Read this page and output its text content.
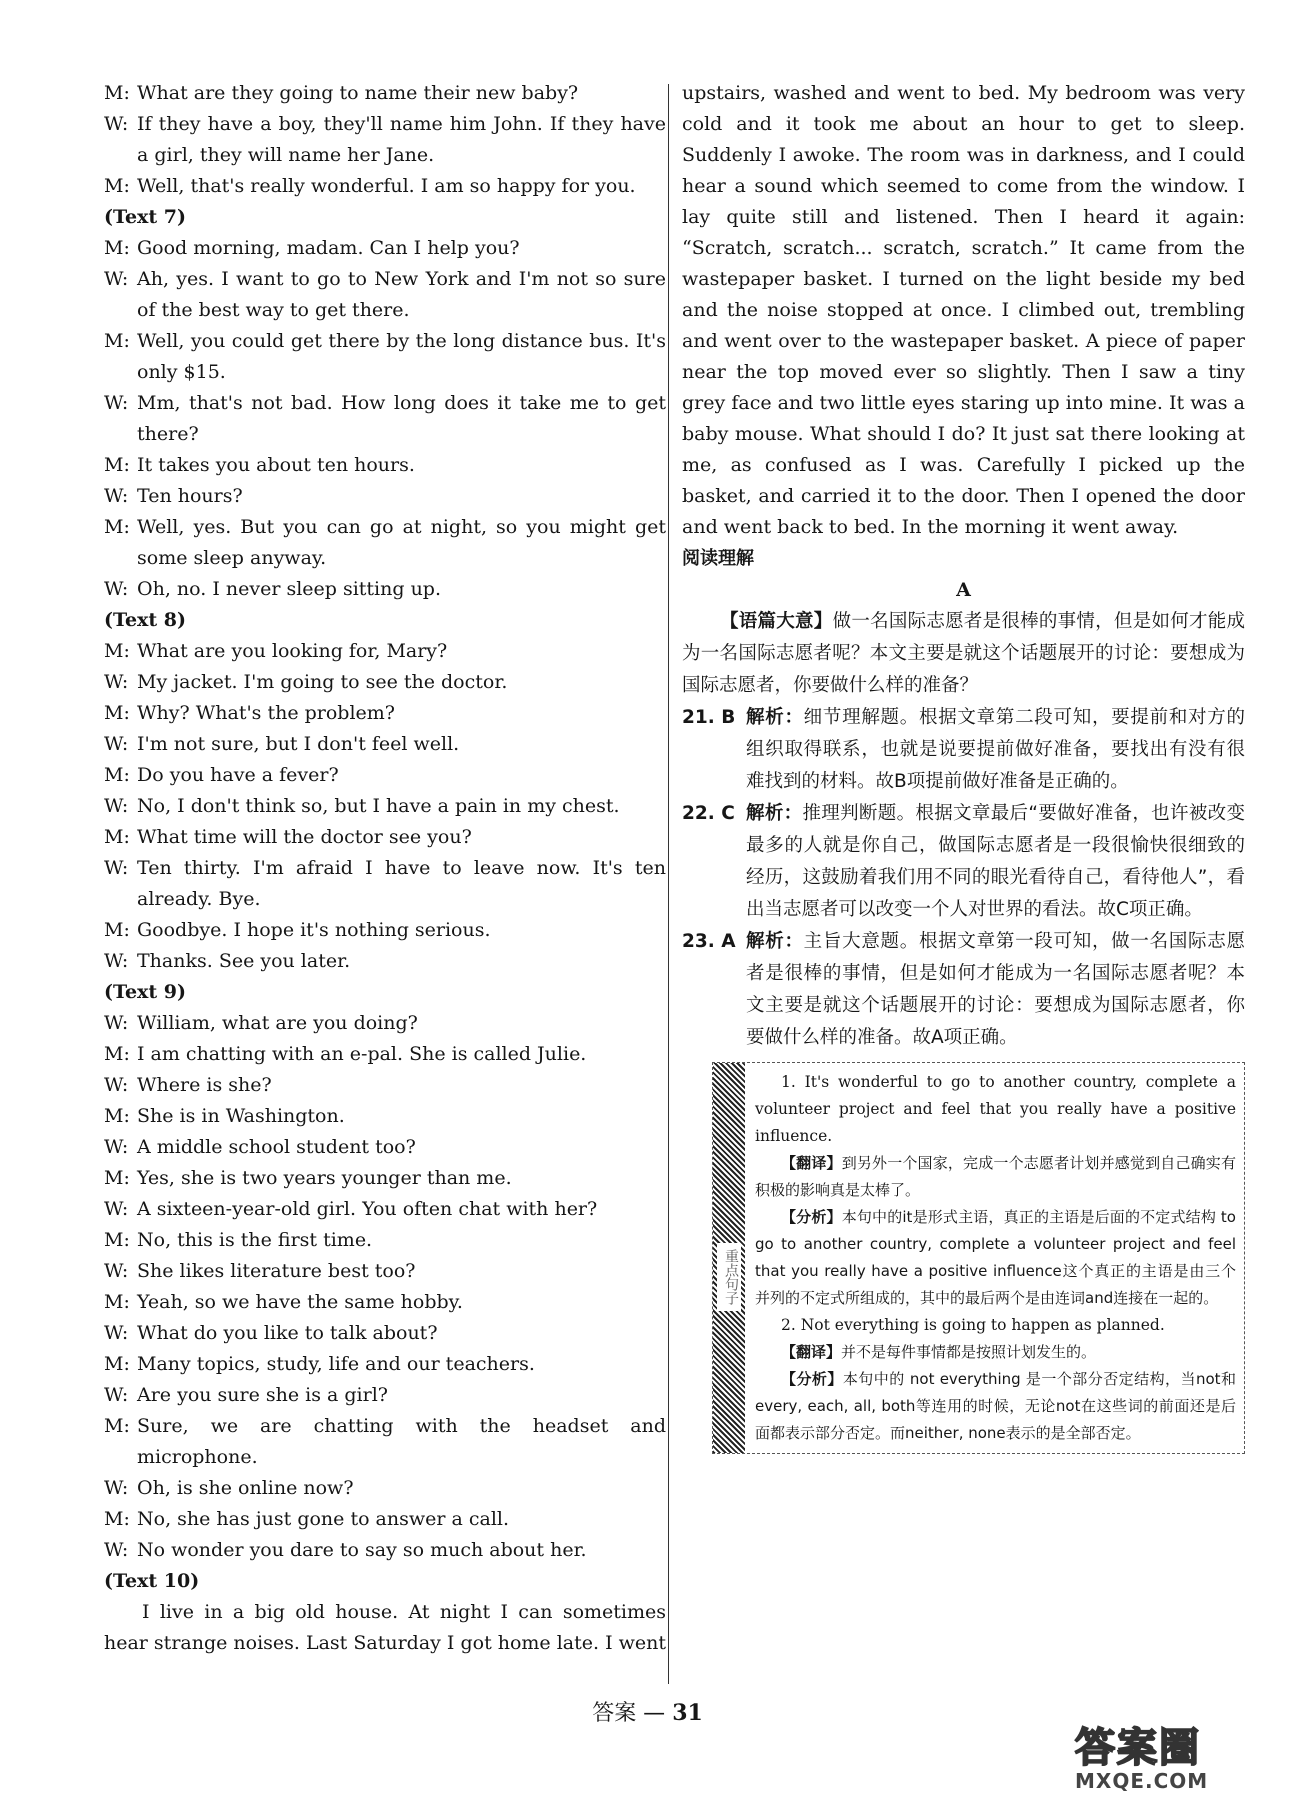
M: What are they going to name their new baby?
W: If they have a boy, they'll name him John. If they have a girl, they will name her Jane.
M: Well, that's really wonderful. I am so happy for you.
(Text 7)
M: Good morning, madam. Can I help you?
W: Ah, yes. I want to go to New York and I'm not so sure of the best way to get there.
M: Well, you could get there by the long distance bus. It's only $15.
W: Mm, that's not bad. How long does it take me to get there?
M: It takes you about ten hours.
W: Ten hours?
M: Well, yes. But you can go at night, so you might get some sleep anyway.
W: Oh, no. I never sleep sitting up.
(Text 8)
M: What are you looking for, Mary?
W: My jacket. I'm going to see the doctor.
M: Why? What's the problem?
W: I'm not sure, but I don't feel well.
M: Do you have a fever?
W: No, I don't think so, but I have a pain in my chest.
M: What time will the doctor see you?
W: Ten thirty. I'm afraid I have to leave now. It's ten already. Bye.
M: Goodbye. I hope it's nothing serious.
W: Thanks. See you later.
(Text 9)
W: William, what are you doing?
M: I am chatting with an e-pal. She is called Julie.
W: Where is she?
M: She is in Washington.
W: A middle school student too?
M: Yes, she is two years younger than me.
W: A sixteen-year-old girl. You often chat with her?
M: No, this is the first time.
W: She likes literature best too?
M: Yeah, so we have the same hobby.
W: What do you like to talk about?
M: Many topics, study, life and our teachers.
W: Are you sure she is a girl?
M: Sure, we are chatting with the headset and microphone.
W: Oh, is she online now?
M: No, she has just gone to answer a call.
W: No wonder you dare to say so much about her.
(Text 10)
I live in a big old house. At night I can sometimes hear strange noises. Last Saturday I got home late. I went
upstairs, washed and went to bed. My bedroom was very cold and it took me about an hour to get to sleep. Suddenly I awoke. The room was in darkness, and I could hear a sound which seemed to come from the window. I lay quite still and listened. Then I heard it again: “Scratch, scratch... scratch, scratch.” It came from the wastepaper basket. I turned on the light beside my bed and the noise stopped at once. I climbed out, trembling and went over to the wastepaper basket. A piece of paper near the top moved ever so slightly. Then I saw a tiny grey face and two little eyes staring up into mine. It was a baby mouse. What should I do? It just sat there looking at me, as confused as I was. Carefully I picked up the basket, and carried it to the door. Then I opened the door and went back to bed. In the morning it went away.
阅读理解
A
【语篇大意】做一名国际志愿者是很棒的事情，但是如何才能成为一名国际志愿者呢？本文主要是就这个话题展开的讨论：要想成为国际志愿者，你要做什么样的准备？
21. B 解析：细节理解题。根据文章第二段可知，要提前和对方的组织取得联系，也就是说要提前做好准备，要找出有没有很难找到的材料。故B项提前做好准备是正确的。
22. C 解析：推理判断题。根据文章最后“要做好准备，也许被改变最多的人就是你自己，做国际志愿者是一段很愉快很细致的经历，这鼓励着我们用不同的眼光看待自己，看待他人”，看出当志愿者可以改变一个人对世界的看法。故C项正确。
23. A 解析：主旨大意题。根据文章第一段可知，做一名国际志愿者是很棒的事情，但是如何才能成为一名国际志愿者呢？本文主要是就这个话题展开的讨论：要想成为国际志愿者，你要做什么样的准备。故A项正确。
重点句子
1. It's wonderful to go to another country, complete a volunteer project and feel that you really have a positive influence.
【翻译】到另外一个国家，完成一个志愿者计划并感觉到自己确实有积极的影响真是太棒了。
【分析】本句中的it是形式主语，真正的主语是后面的不定式结构 to go to another country, complete a volunteer project and feel that you really have a positive influence这个真正的主语是由三个并列的不定式所组成的，其中的最后两个是由连词and连接在一起的。
2. Not everything is going to happen as planned.
【翻译】并不是每件事情都是按照计划发生的。
【分析】本句中的 not everything 是一个部分否定结构，当not和every, each, all, both等连用的时候，无论not在这些词的前面还是后面都表示部分否定。而neither, none表示的是全部否定。
答案 — 31
答案圈
MXQE.COM
